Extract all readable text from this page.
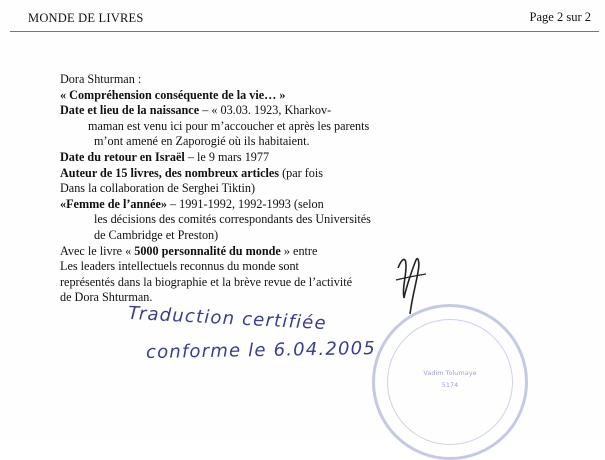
MONDE DE LIVRES	Page 2 sur 2
Dora Shturman :
« Compréhension conséquente de la vie… »
Date et lieu de la naissance – « 03.03. 1923, Kharkov-
maman est venu ici pour m’accoucher et après les parents
m’ont amené en Zaporogié où ils habitaient.
Date du retour en Israël – le 9 mars 1977
Auteur de 15 livres, des nombreux articles (par fois
Dans la collaboration de Serghei Tiktin)
«Femme de l’année» – 1991-1992, 1992-1993 (selon
les décisions des comités correspondants des Universités
de Cambridge et Preston)
Avec le livre « 5000 personnalité du monde » entre
Les leaders intellectuels reconnus du monde sont
représentés dans la biographie et la brève revue de l’activité
de Dora Shturman.
Traduction certifiée
conforme le 6.04.2005
Vadim Tolumaye
5174
